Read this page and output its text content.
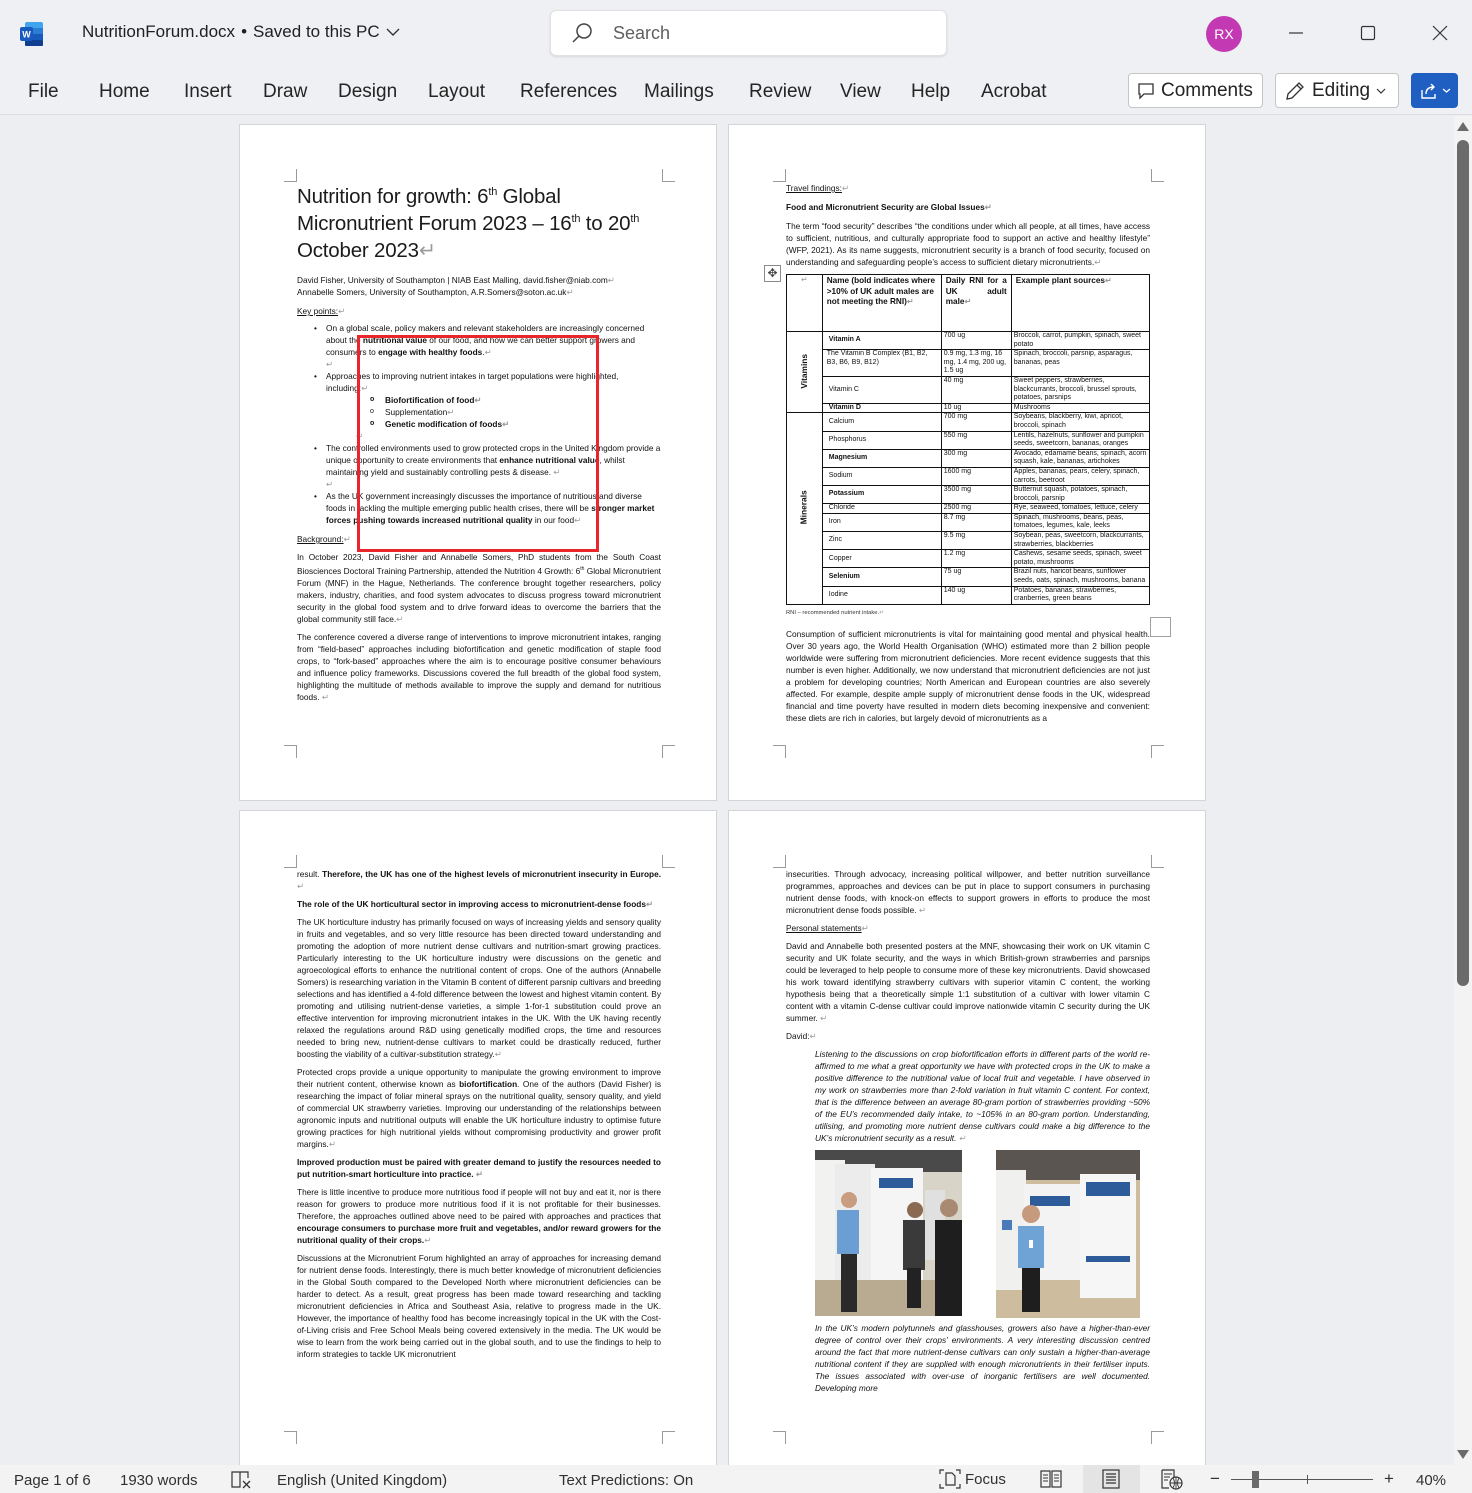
W	NutritionForum.docx • Saved to this PC	Search	RX
File Home Insert Draw Design Layout References Mailings Review View Help Acrobat	Comments	Editing
Nutrition for growth: 6th Global Micronutrient Forum 2023 – 16th to 20th October 2023↵

David Fisher, University of Southampton | NIAB East Malling, david.fisher@niab.com↵

Annabelle Somers, University of Southampton, A.R.Somers@soton.ac.uk↵

Key points:↵

• On a global scale, policy makers and relevant stakeholders are increasingly concerned about the nutritional value of our food, and how we can better support growers and consumers to engage with healthy foods.↵
↵
• Approaches to improving nutrient intakes in target populations were highlighted, including:↵
o Biofortification of food↵
o Supplementation↵
o Genetic modification of foods↵
↵
• The controlled environments used to grow protected crops in the United Kingdom provide a unique opportunity to create environments that enhance nutritional value, whilst maintaining yield and sustainably controlling pests & disease. ↵
↵
• As the UK government increasingly discusses the importance of nutritious and diverse foods in tackling the multiple emerging public health crises, there will be stronger market forces pushing towards increased nutritional quality in our food↵

Background:↵

In October 2023, David Fisher and Annabelle Somers, PhD students from the South Coast Biosciences Doctoral Training Partnership, attended the Nutrition 4 Growth: 6th Global Micronutrient Forum (MNF) in the Hague, Netherlands. The conference brought together researchers, policy makers, industry, charities, and food system advocates to discuss progress toward micronutrient security in the global food system and to drive forward ideas to overcome the barriers that the global community still face.↵

The conference covered a diverse range of interventions to improve micronutrient intakes, ranging from “field-based” approaches including biofortification and genetic modification of staple food crops, to “fork-based” approaches where the aim is to encourage positive consumer behaviours and influence policy frameworks. Discussions covered the full breadth of the global food system, highlighting the multitude of methods available to improve the supply and demand for nutritious foods. ↵

✥

Travel findings:↵

Food and Micronutrient Security are Global Issues↵

The term “food security” describes “the conditions under which all people, at all times, have access to sufficient, nutritious, and culturally appropriate food to support an active and healthy lifestyle” (WFP, 2021). As its name suggests, micronutrient security is a branch of food security, focused on understanding and safeguarding people’s access to sufficient dietary micronutrients.↵

↵	Name (bold indicates where >10% of UK adult males are not meeting the RNI)↵	Daily RNI for a UK adult male↵	Example plant sources↵
Vitamins	Vitamin A	700 ug	Broccoli, carrot, pumpkin, spinach, sweet potato
	The Vitamin B Complex (B1, B2, B3, B6, B9, B12)	0.9 mg, 1.3 mg, 16 mg, 1.4 mg, 200 ug, 1.5 ug	Spinach, broccoli, parsnip, asparagus, bananas, peas
	Vitamin C	40 mg	Sweet peppers, strawberries, blackcurrants, broccoli, brussel sprouts, potatoes, parsnips
	Vitamin D	10 ug	Mushrooms
Minerals	Calcium	700 mg	Soybeans, blackberry, kiwi, apricot, broccoli, spinach
	Phosphorus	550 mg	Lentils, hazelnuts, sunflower and pumpkin seeds, sweetcorn, bananas, oranges
	Magnesium	300 mg	Avocado, edamame beans, spinach, acorn squash, kale, bananas, artichokes
	Sodium	1600 mg	Apples, bananas, pears, celery, spinach, carrots, beetroot
	Potassium	3500 mg	Butternut squash, potatoes, spinach, broccoli, parsnip
	Chloride	2500 mg	Rye, seaweed, tomatoes, lettuce, celery
	Iron	8.7 mg	Spinach, mushrooms, beans, peas, tomatoes, legumes, kale, leeks
	Zinc	9.5 mg	Soybean, peas, sweetcorn, blackcurrants, strawberries, blackberries
	Copper	1.2 mg	Cashews, sesame seeds, spinach, sweet potato, mushrooms
	Selenium	75 ug	Brazil nuts, haricot beans, sunflower seeds, oats, spinach, mushrooms, banana
	Iodine	140 ug	Potatoes, bananas, strawberries, cranberries, green beans

RNI – recommended nutrient intake.↵

Consumption of sufficient micronutrients is vital for maintaining good mental and physical health. Over 30 years ago, the World Health Organisation (WHO) estimated more than 2 billion people worldwide were suffering from micronutrient deficiencies. More recent evidence suggests that this number is even higher. Additionally, we now understand that micronutrient deficiencies are not just a problem for developing countries; North American and European countries are also severely affected. For example, despite ample supply of micronutrient dense foods in the UK, widespread financial and time poverty have resulted in modern diets becoming inexpensive and convenient: these diets are rich in calories, but largely devoid of micronutrients as a

result. Therefore, the UK has one of the highest levels of micronutrient insecurity in Europe. ↵

The role of the UK horticultural sector in improving access to micronutrient-dense foods↵

The UK horticulture industry has primarily focused on ways of increasing yields and sensory quality in fruits and vegetables, and so very little resource has been directed toward understanding and promoting the adoption of more nutrient dense cultivars and nutrition-smart growing practices. Particularly interesting to the UK horticulture industry were discussions on the genetic and agroecological efforts to enhance the nutritional content of crops. One of the authors (Annabelle Somers) is researching variation in the Vitamin B content of different parsnip cultivars and breeding selections and has identified a 4-fold difference between the lowest and highest vitamin content. By promoting and utilising nutrient-dense varieties, a simple 1-for-1 substitution could prove an effective intervention for improving micronutrient intakes in the UK. With the UK having recently relaxed the regulations around R&D using genetically modified crops, the time and resources needed to bring new, nutrient-dense cultivars to market could be drastically reduced, further boosting the viability of a cultivar-substitution strategy.↵

Protected crops provide a unique opportunity to manipulate the growing environment to improve their nutrient content, otherwise known as biofortification. One of the authors (David Fisher) is researching the impact of foliar mineral sprays on the nutritional quality, sensory quality, and yield of commercial UK strawberry varieties. Improving our understanding of the relationships between agronomic inputs and nutritional outputs will enable the UK horticulture industry to optimise future growing practices for high nutritional yields without compromising productivity and grower profit margins.↵

Improved production must be paired with greater demand to justify the resources needed to put nutrition-smart horticulture into practice. ↵

There is little incentive to produce more nutritious food if people will not buy and eat it, nor is there reason for growers to produce more nutritious food if it is not profitable for their businesses. Therefore, the approaches outlined above need to be paired with approaches and practices that encourage consumers to purchase more fruit and vegetables, and/or reward growers for the nutritional quality of their crops.↵

Discussions at the Micronutrient Forum highlighted an array of approaches for increasing demand for nutrient dense foods. Interestingly, there is much better knowledge of micronutrient deficiencies in the Global South compared to the Developed North where micronutrient deficiencies can be harder to detect. As a result, great progress has been made toward researching and tackling micronutrient deficiencies in Africa and Southeast Asia, relative to progress made in the UK. However, the importance of healthy food has become increasingly topical in the UK with the Cost-of-Living crisis and Free School Meals being covered extensively in the media. The UK would be wise to learn from the work being carried out in the global south, and to use the findings to help to inform strategies to tackle UK micronutrient

insecurities. Through advocacy, increasing political willpower, and better nutrition surveillance programmes, approaches and devices can be put in place to support consumers in purchasing nutrient dense foods, with knock-on effects to support growers in efforts to produce the most micronutrient dense foods possible. ↵

Personal statements↵

David and Annabelle both presented posters at the MNF, showcasing their work on UK vitamin C security and UK folate security, and the ways in which British-grown strawberries and parsnips could be leveraged to help people to consume more of these key micronutrients. David showcased his work toward identifying strawberry cultivars with superior vitamin C content, the working hypothesis being that a theoretically simple 1:1 substitution of a cultivar with lower vitamin C content with a vitamin C-dense cultivar could improve nationwide vitamin C security during the UK summer. ↵

David:↵

Listening to the discussions on crop biofortification efforts in different parts of the world re-affirmed to me what a great opportunity we have with protected crops in the UK to make a positive difference to the nutritional value of local fruit and vegetable. I have observed in my work on strawberries more than 2-fold variation in fruit vitamin C content. For context, that is the difference between an average 80-gram portion of strawberries providing ~50% of the EU’s recommended daily intake, to ~105% in an 80-gram portion. Understanding, utilising, and promoting more nutrient dense cultivars could make a big difference to the UK’s micronutrient security as a result. ↵

In the UK’s modern polytunnels and glasshouses, growers also have a higher-than-ever degree of control over their crops’ environments. A very interesting discussion centred around the fact that more nutrient-dense cultivars can only sustain a higher-than-average nutritional content if they are supplied with enough micronutrients in their fertiliser inputs. The issues associated with over-use of inorganic fertilisers are well documented. Developing more

Page 1 of 6 1930 words	English (United Kingdom)	Text Predictions: On	Focus	−	+ 40%
